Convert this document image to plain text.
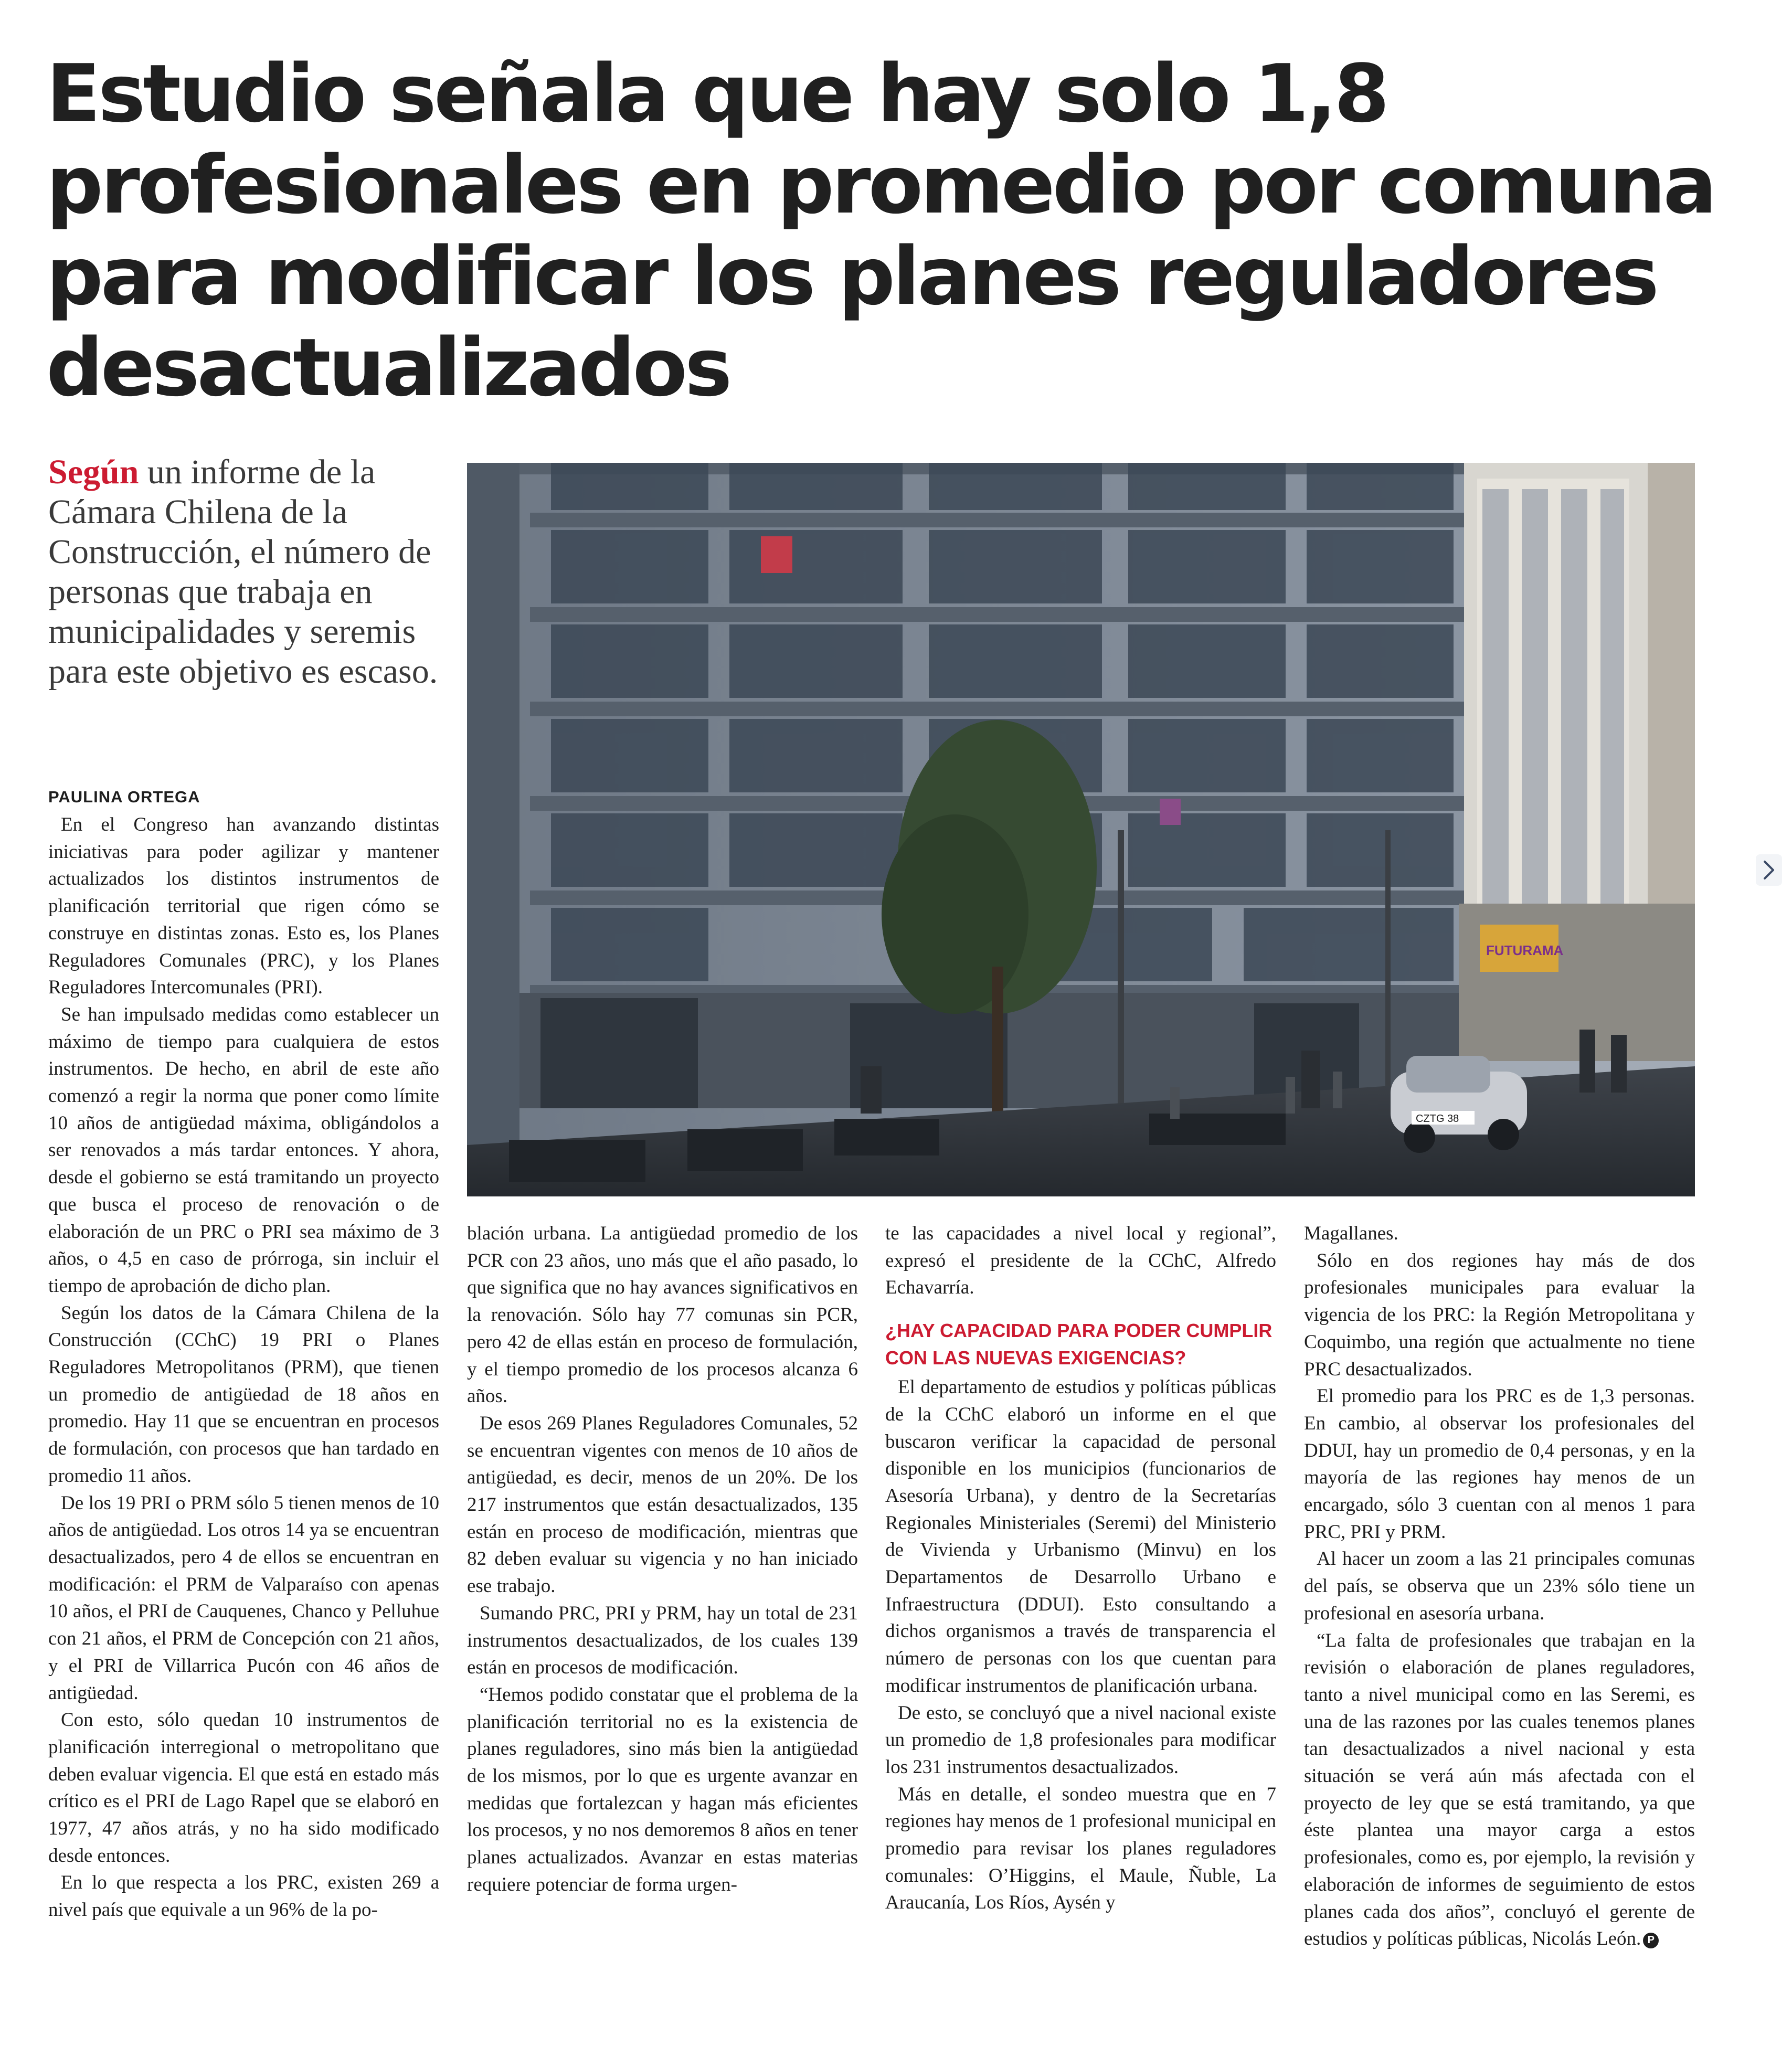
Estudio señala que hay solo 1,8
profesionales en promedio por comuna
para modificar los planes reguladores
desactualizados

Según un informe de la Cámara Chilena de la Construcción, el número de personas que trabaja en municipalidades y seremis para este objetivo es escaso.

FUTURAMA
CZTG 38
PAULINA ORTEGA

En el Congreso han avanzando distintas iniciativas para poder agilizar y mantener actualizados los distintos instrumentos de planificación territorial que rigen cómo se construye en distintas zonas. Esto es, los Planes Reguladores Comunales (PRC), y los Planes Reguladores Intercomunales (PRI).

Se han impulsado medidas como establecer un máximo de tiempo para cualquiera de estos instrumentos. De hecho, en abril de este año comenzó a regir la norma que poner como límite 10 años de antigüedad máxima, obligándolos a ser renovados a más tardar entonces. Y ahora, desde el gobierno se está tramitando un proyecto que busca el proceso de renovación o de elaboración de un PRC o PRI sea máximo de 3 años, o 4,5 en caso de prórroga, sin incluir el tiempo de aprobación de dicho plan.

Según los datos de la Cámara Chilena de la Construcción (CChC) 19 PRI o Planes Reguladores Metropolitanos (PRM), que tienen un promedio de antigüedad de 18 años en promedio. Hay 11 que se encuentran en procesos de formulación, con procesos que han tardado en promedio 11 años.

De los 19 PRI o PRM sólo 5 tienen menos de 10 años de antigüedad. Los otros 14 ya se encuentran desactualizados, pero 4 de ellos se encuentran en modificación: el PRM de Valparaíso con apenas 10 años, el PRI de Cauquenes, Chanco y Pelluhue con 21 años, el PRM de Concepción con 21 años, y el PRI de Villarrica Pucón con 46 años de antigüedad.

Con esto, sólo quedan 10 instrumentos de planificación interregional o metropolitano que deben evaluar vigencia. El que está en estado más crítico es el PRI de Lago Rapel que se elaboró en 1977, 47 años atrás, y no ha sido modificado desde entonces.

En lo que respecta a los PRC, existen 269 a nivel país que equivale a un 96% de la po-

blación urbana. La antigüedad promedio de los PCR con 23 años, uno más que el año pasado, lo que significa que no hay avances significativos en la renovación. Sólo hay 77 comunas sin PCR, pero 42 de ellas están en proceso de formulación, y el tiempo promedio de los procesos alcanza 6 años.

De esos 269 Planes Reguladores Comunales, 52 se encuentran vigentes con menos de 10 años de antigüedad, es decir, menos de un 20%. De los 217 instrumentos que están desactualizados, 135 están en proceso de modificación, mientras que 82 deben evaluar su vigencia y no han iniciado ese trabajo.

Sumando PRC, PRI y PRM, hay un total de 231 instrumentos desactualizados, de los cuales 139 están en procesos de modificación.

“Hemos podido constatar que el problema de la planificación territorial no es la existencia de planes reguladores, sino más bien la antigüedad de los mismos, por lo que es urgente avanzar en medidas que fortalezcan y hagan más eficientes los procesos, y no nos demoremos 8 años en tener planes actualizados. Avanzar en estas materias requiere potenciar de forma urgen-

te las capacidades a nivel local y regional”, expresó el presidente de la CChC, Alfredo Echavarría.

¿HAY CAPACIDAD PARA PODER CUMPLIR CON LAS NUEVAS EXIGENCIAS?

El departamento de estudios y políticas públicas de la CChC elaboró un informe en el que buscaron verificar la capacidad de personal disponible en los municipios (funcionarios de Asesoría Urbana), y dentro de la Secretarías Regionales Ministeriales (Seremi) del Ministerio de Vivienda y Urbanismo (Minvu) en los Departamentos de Desarrollo Urbano e Infraestructura (DDUI). Esto consultando a dichos organismos a través de transparencia el número de personas con los que cuentan para modificar instrumentos de planificación urbana.

De esto, se concluyó que a nivel nacional existe un promedio de 1,8 profesionales para modificar los 231 instrumentos desactualizados.

Más en detalle, el sondeo muestra que en 7 regiones hay menos de 1 profesional municipal en promedio para revisar los planes reguladores comunales: O’Higgins, el Maule, Ñuble, La Araucanía, Los Ríos, Aysén y

Magallanes.

Sólo en dos regiones hay más de dos profesionales municipales para evaluar la vigencia de los PRC: la Región Metropolitana y Coquimbo, una región que actualmente no tiene PRC desactualizados.

El promedio para los PRC es de 1,3 personas. En cambio, al observar los profesionales del DDUI, hay un promedio de 0,4 personas, y en la mayoría de las regiones hay menos de un encargado, sólo 3 cuentan con al menos 1 para PRC, PRI y PRM.

Al hacer un zoom a las 21 principales comunas del país, se observa que un 23% sólo tiene un profesional en asesoría urbana.

“La falta de profesionales que trabajan en la revisión o elaboración de planes reguladores, tanto a nivel municipal como en las Seremi, es una de las razones por las cuales tenemos planes tan desactualizados a nivel nacional y esta situación se verá aún más afectada con el proyecto de ley que se está tramitando, ya que éste plantea una mayor carga a estos profesionales, como es, por ejemplo, la revisión y elaboración de informes de seguimiento de estos planes cada dos años”, concluyó el gerente de estudios y políticas públicas, Nicolás León. P
